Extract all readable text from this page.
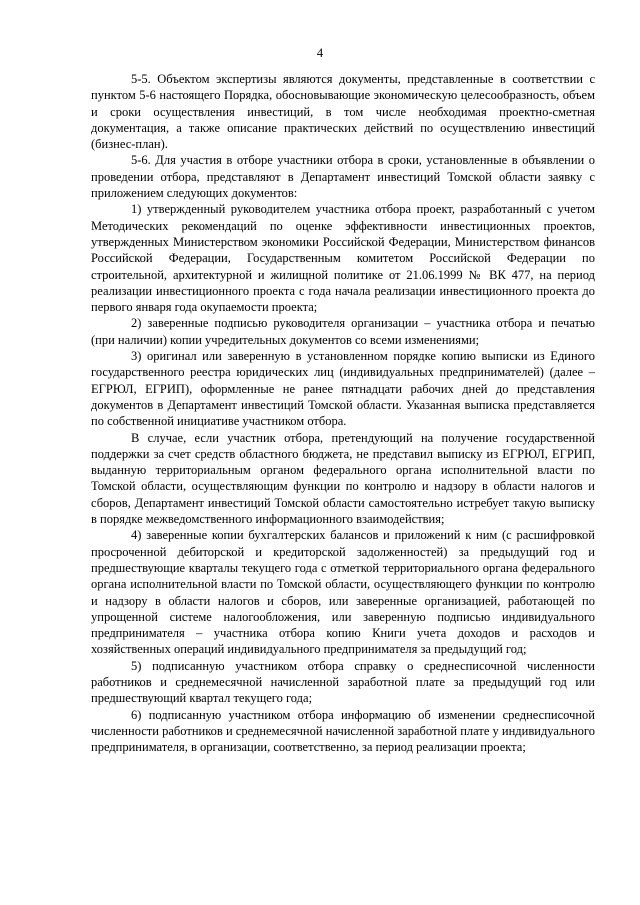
4

5-5. Объектом экспертизы являются документы, представленные в соответствии с пунктом 5-6 настоящего Порядка, обосновывающие экономическую целесообразность, объем и сроки осуществления инвестиций, в том числе необходимая проектно-сметная документация, а также описание практических действий по осуществлению инвестиций (бизнес-план).

5-6. Для участия в отборе участники отбора в сроки, установленные в объявлении о проведении отбора, представляют в Департамент инвестиций Томской области заявку с приложением следующих документов:

1) утвержденный руководителем участника отбора проект, разработанный с учетом Методических рекомендаций по оценке эффективности инвестиционных проектов, утвержденных Министерством экономики Российской Федерации, Министерством финансов Российской Федерации, Государственным комитетом Российской Федерации по строительной, архитектурной и жилищной политике от 21.06.1999 № ВК 477, на период реализации инвестиционного проекта с года начала реализации инвестиционного проекта до первого января года окупаемости проекта;

2) заверенные подписью руководителя организации – участника отбора и печатью (при наличии) копии учредительных документов со всеми изменениями;

3) оригинал или заверенную в установленном порядке копию выписки из Единого государственного реестра юридических лиц (индивидуальных предпринимателей) (далее – ЕГРЮЛ, ЕГРИП), оформленные не ранее пятнадцати рабочих дней до представления документов в Департамент инвестиций Томской области. Указанная выписка представляется по собственной инициативе участником отбора.

В случае, если участник отбора, претендующий на получение государственной поддержки за счет средств областного бюджета, не представил выписку из ЕГРЮЛ, ЕГРИП, выданную территориальным органом федерального органа исполнительной власти по Томской области, осуществляющим функции по контролю и надзору в области налогов и сборов, Департамент инвестиций Томской области самостоятельно истребует такую выписку в порядке межведомственного информационного взаимодействия;

4) заверенные копии бухгалтерских балансов и приложений к ним (с расшифровкой просроченной дебиторской и кредиторской задолженностей) за предыдущий год и предшествующие кварталы текущего года с отметкой территориального органа федерального органа исполнительной власти по Томской области, осуществляющего функции по контролю и надзору в области налогов и сборов, или заверенные организацией, работающей по упрощенной системе налогообложения, или заверенную подписью индивидуального предпринимателя – участника отбора копию Книги учета доходов и расходов и хозяйственных операций индивидуального предпринимателя за предыдущий год;

5) подписанную участником отбора справку о среднесписочной численности работников и среднемесячной начисленной заработной плате за предыдущий год или предшествующий квартал текущего года;

6) подписанную участником отбора информацию об изменении среднесписочной численности работников и среднемесячной начисленной заработной плате у индивидуального предпринимателя, в организации, соответственно, за период реализации проекта;
